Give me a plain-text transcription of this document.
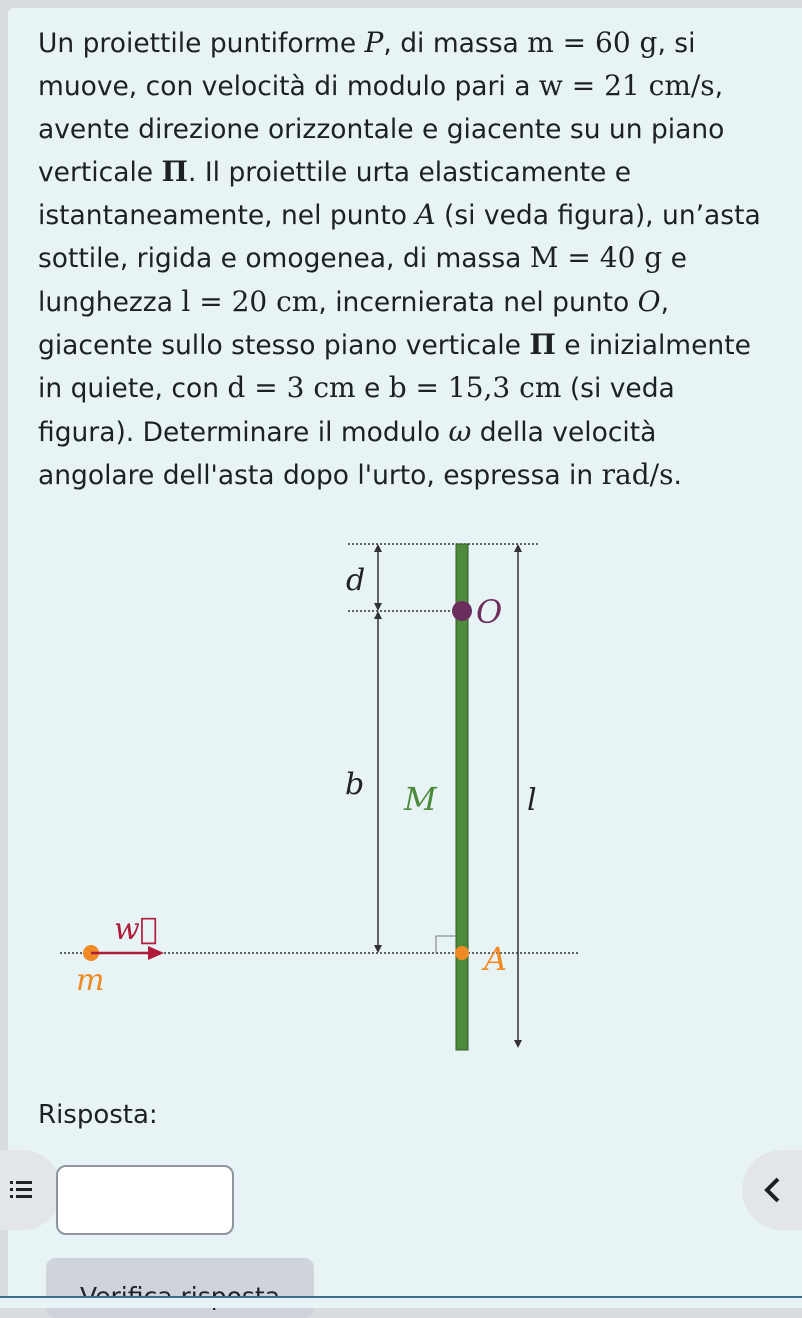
Un proiettile puntiforme P, di massa m = 60 g, si muove, con velocità di modulo pari a w = 21 cm/s, avente direzione orizzontale e giacente su un piano verticale Π. Il proiettile urta elasticamente e istantaneamente, nel punto A (si veda figura), un’asta sottile, rigida e omogenea, di massa M = 40 g e lunghezza l = 20 cm, incernierata nel punto O, giacente sullo stesso piano verticale Π e inizialmente in quiete, con d = 3 cm e b = 15,3 cm (si veda figura). Determinare il modulo ω della velocità angolare dell'asta dopo l'urto, espressa in rad/s.

d
O
b M	l
w⃗
A
m
Risposta:
